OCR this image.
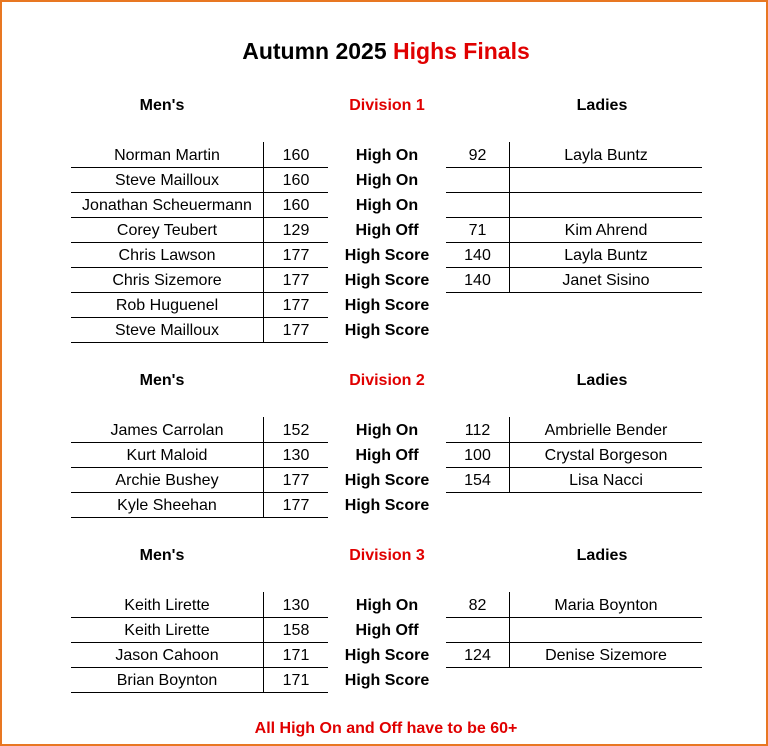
Autumn 2025 Highs Finals
Men's	Division 1	Ladies
Norman Martin	160	High On	92	Layla Buntz
Steve Mailloux	160	High On
Jonathan Scheuermann	160	High On
Corey Teubert	129	High Off	71	Kim Ahrend
Chris Lawson	177	High Score	140	Layla Buntz
Chris Sizemore	177	High Score	140	Janet Sisino
Rob Huguenel	177	High Score
Steve Mailloux	177	High Score
Men's	Division 2	Ladies
James Carrolan	152	High On	112	Ambrielle Bender
Kurt Maloid	130	High Off	100	Crystal Borgeson
Archie Bushey	177	High Score	154	Lisa Nacci
Kyle Sheehan	177	High Score
Men's	Division 3	Ladies
Keith Lirette	130	High On	82	Maria Boynton
Keith Lirette	158	High Off
Jason Cahoon	171	High Score	124	Denise Sizemore
Brian Boynton	171	High Score
All High On and Off have to be 60+
